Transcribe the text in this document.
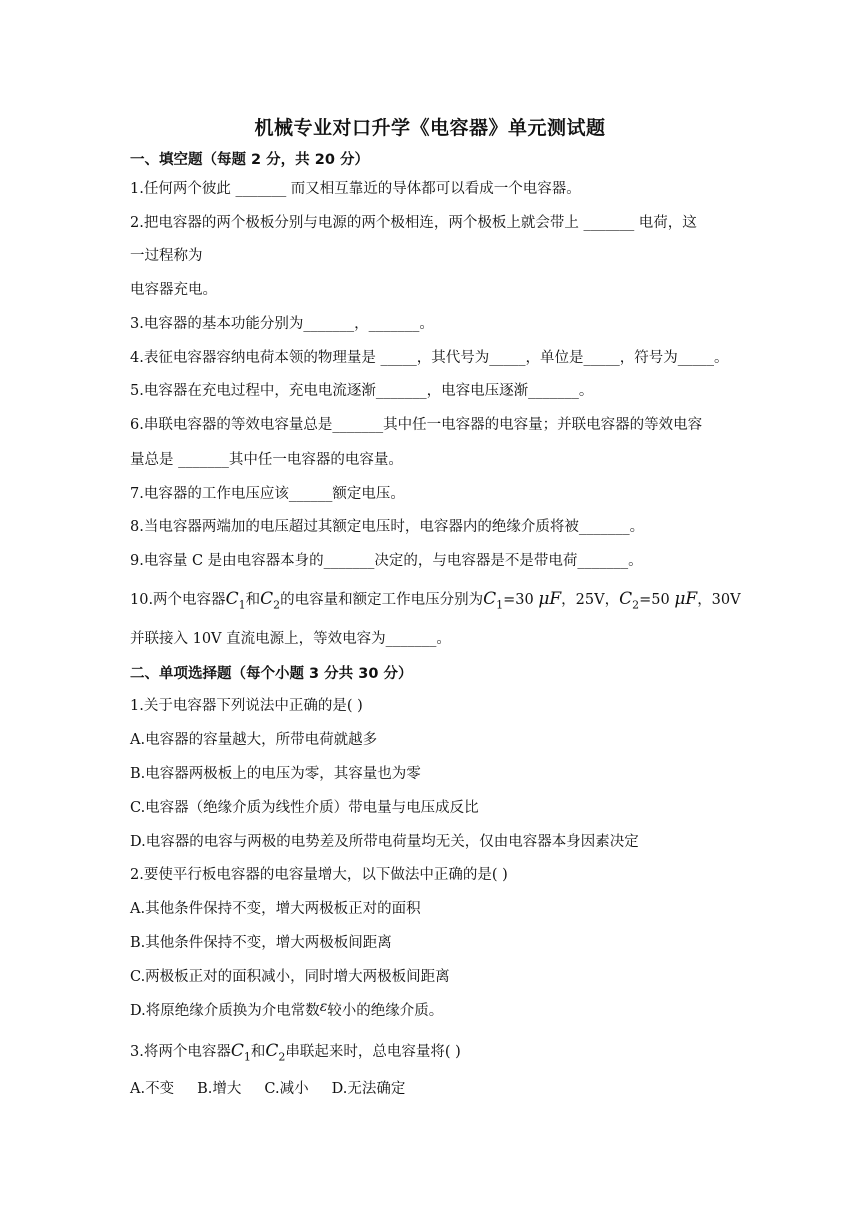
机械专业对口升学《电容器》单元测试题
一、填空题（每题 2 分，共 20 分）
1.任何两个彼此 _______ 而又相互靠近的导体都可以看成一个电容器。
2.把电容器的两个极板分别与电源的两个极相连，两个极板上就会带上 _______ 电荷，这
一过程称为
电容器充电。
3.电容器的基本功能分别为_______，_______。
4.表征电容器容纳电荷本领的物理量是 _____，其代号为_____，单位是_____，符号为_____。
5.电容器在充电过程中，充电电流逐渐_______，电容电压逐渐_______。
6.串联电容器的等效电容量总是_______其中任一电容器的电容量；并联电容器的等效电容
量总是 _______其中任一电容器的电容量。
7.电容器的工作电压应该______额定电压。
8.当电容器两端加的电压超过其额定电压时，电容器内的绝缘介质将被_______。
9.电容量 C 是由电容器本身的_______决定的，与电容器是不是带电荷_______。
10.两个电容器$C_1$和$C_2$的电容量和额定工作电压分别为$C_1=30$ μF，25V，$C_2=50$ μF，30V
并联接入 10V 直流电源上，等效电容为_______。
二、单项选择题（每个小题 3 分共 30 分）
1.关于电容器下列说法中正确的是( )
A.电容器的容量越大，所带电荷就越多
B.电容器两极板上的电压为零，其容量也为零
C.电容器（绝缘介质为线性介质）带电量与电压成反比
D.电容器的电容与两极的电势差及所带电荷量均无关，仅由电容器本身因素决定
2.要使平行板电容器的电容量增大，以下做法中正确的是( )
A.其他条件保持不变，增大两极板正对的面积
B.其他条件保持不变，增大两极板间距离
C.两极板正对的面积减小，同时增大两极板间距离
D.将原绝缘介质换为介电常数ε较小的绝缘介质。
3.将两个电容器$C_1$和$C_2$串联起来时，总电容量将( )
A.不变     B.增大     C.减小     D.无法确定
